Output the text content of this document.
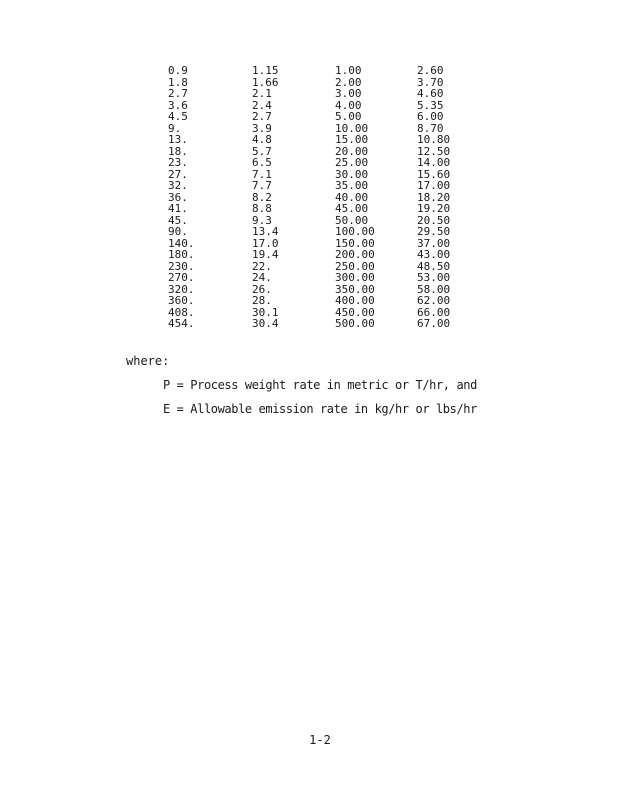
0.9	1.15	1.00	2.60
1.8	1.66	2.00	3.70
2.7	2.1	3.00	4.60
3.6	2.4	4.00	5.35
4.5	2.7	5.00	6.00
9.	3.9	10.00	8.70
13.	4.8	15.00	10.80
18.	5.7	20.00	12.50
23.	6.5	25.00	14.00
27.	7.1	30.00	15.60
32.	7.7	35.00	17.00
36.	8.2	40.00	18.20
41.	8.8	45.00	19.20
45.	9.3	50.00	20.50
90.	13.4	100.00	29.50
140.	17.0	150.00	37.00
180.	19.4	200.00	43.00
230.	22.	250.00	48.50
270.	24.	300.00	53.00
320.	26.	350.00	58.00
360.	28.	400.00	62.00
408.	30.1	450.00	66.00
454.	30.4	500.00	67.00
where:
P = Process weight rate in metric or T/hr, and
E = Allowable emission rate in kg/hr or lbs/hr
1-2
